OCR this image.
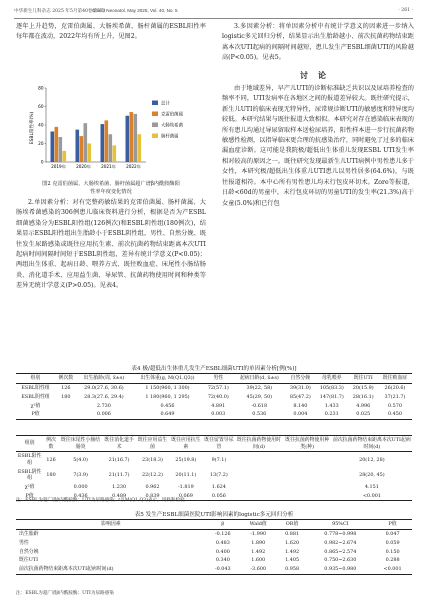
中华新生儿科杂志 2025 年5月第40卷第5期
Chin J Neonatol, May 2025, Vol. 40, No. 5	· 261 ·

逐年上升趋势，克雷伯菌属、大肠埃希菌、肠杆菌属的ESBL阳性率每年都在波动，2022年均有所上升，见图2。

ESBL阳性率(%)
0
20
40
60
80
2019年 2020年 2021年 2022年
总计
克雷伯菌属
大肠埃希菌
肠杆菌属
图2 克雷伯菌属、大肠埃希菌、肠杆菌属超广谱β内酰胺酶阳
性率年度变化情况

2.单因素分析：对有完整药敏结果的克雷伯菌属、肠杆菌属、大肠埃希菌感染的306例患儿临床资料进行分析，根据是否为产ESBL细菌感染分为ESBL阳性组(126例次)和ESBL阴性组(180例次)，结果显示ESBL阳性组出生胎龄小于ESBL阴性组，男性、自然分娩、既往发生尿路感染或既往应用抗生素、前次抗菌药物结束距离本次UTI起病时间间隔时间短于ESBL阴性组，差异有统计学意义(P<0.05)；两组出生体重、起病日龄、喂养方式、既往败血症、床尾性小肠结肠炎、消化道手术、应用益生菌、导尿管、抗菌药物使用时间和种类等差异无统计学意义(P>0.05)。见表4。

3.多因素分析：将单因素分析中有统计学意义的因素进一步纳入logistic多元回归分析，结果显示出生胎龄越小、前次抗菌药物结束距离本次UTI起病的间隔时间越短，患儿发生产ESBL细菌UTI的风险越高(P<0.05)。见表5。

讨论

由于地域差异，早产儿UTI的诊断标准缺乏共识以及尿培养检查的频率不同，UTI发病率在各地区之间的报道差异较大。既往研究提示，新生儿UTI的临床表现无特异性，尿常规诊断UTI的敏感度和特异度均较低。本研究结果与既往报道大致相似。本研究对存在感染临床表现的所有患儿均通过导尿留取样本送检尿培养，阳性样本进一步行抗菌药物敏感性检测，以指导临床更合理的抗感染治疗，同时避免了过多的临床漏血症诊断。这可能是我院极/超低出生体重儿发现ESBL UTI发生率相对较高的原因之一。既往研究发现最新生儿UTI病例中男性患儿多于女性，本研究极/超低出生体重儿UTI患儿以男性居多(64.6%)，与既往报道相符。本中心所有男性患儿均未行包皮环切术。Zore等报道，日龄<60d的男童中，未行包皮环切的男童UTI的发生率(21.3%)高于女童(5.0%)和已行包

表4 极/超低出生体重儿发生产ESBL细菌UTI的单因素分析[例(%)]
组别	例次数	出生胎龄(周, x̄±s)	出生体重(g, M(Q1,Q3))	男性	起病日龄(d, x̄±s)	自然分娩	母乳喂养	既往UTI	既往败血症
ESBL阳性组	126	29.0(27.6, 30.6)	1 150(960, 1 300)	72(57.1)	39(22, 58)	39(31.0)	105(83.3)	20(15.9)	26(20.6)
ESBL阴性组	180	28.3(27.6, 29.4)	1 180(960, 1 295)	72(40.0)	45(29, 50)	85(47.2)	147(81.7)	28(16.1)	37(21.7)
χ²值		2.730	0.456	4.891	-0.618	8.140	1.433	4.996	0.570
P值		0.006	0.649	0.003	0.536	0.004	0.231	0.025	0.450
组别	例次数	既往床尾性小肠结肠炎	既往消化道手术	既往应用益生菌	既往应用抗生素	既往留置导尿管	既往抗菌药物使用时间(d)	既往抗菌药物使用种类(种)	前次抗菌药物结束距离本次UTI起病时间(d)
ESBL阳性组	126	5(4.0)	21(16.7)	23(18.3)	25(19.8)	9(7.1)			20(12, 28)
ESBL阴性组	180	7(3.9)	21(11.7)	22(12.2)	20(11.1)	13(7.2)			28(20, 45)
χ²值		0.000	1.230	0.962	-1.819	1.624			4.151
P值		0.436	0.489	0.839	0.069	0.056			<0.001
注：ESBL为超广谱β内酰胺酶；UTI为尿路感染；ᵃ以M(Q1,Q3)表示，用秩和检验
表5 发生产ESBL细菌医院UTI影响因素的logistic多元回归分析
影响因素	β	Wald值	OR值	95%CI	P值
出生胎龄	-0.126	-1.990	0.881	0.778~0.998	0.047
男性	0.483	1.890	1.620	0.982~2.674	0.059
自然分娩	0.400	1.492	1.492	0.865~2.574	0.150
既往UTI	0.340	1.600	1.405	0.750~2.630	0.288
前次抗菌药物结束距离本次UTI起病时间(d)	-0.043	-3.600	0.958	0.935~0.980	<0.001
注：ESBL为超广谱β内酰胺酶；UTI为尿路感染
